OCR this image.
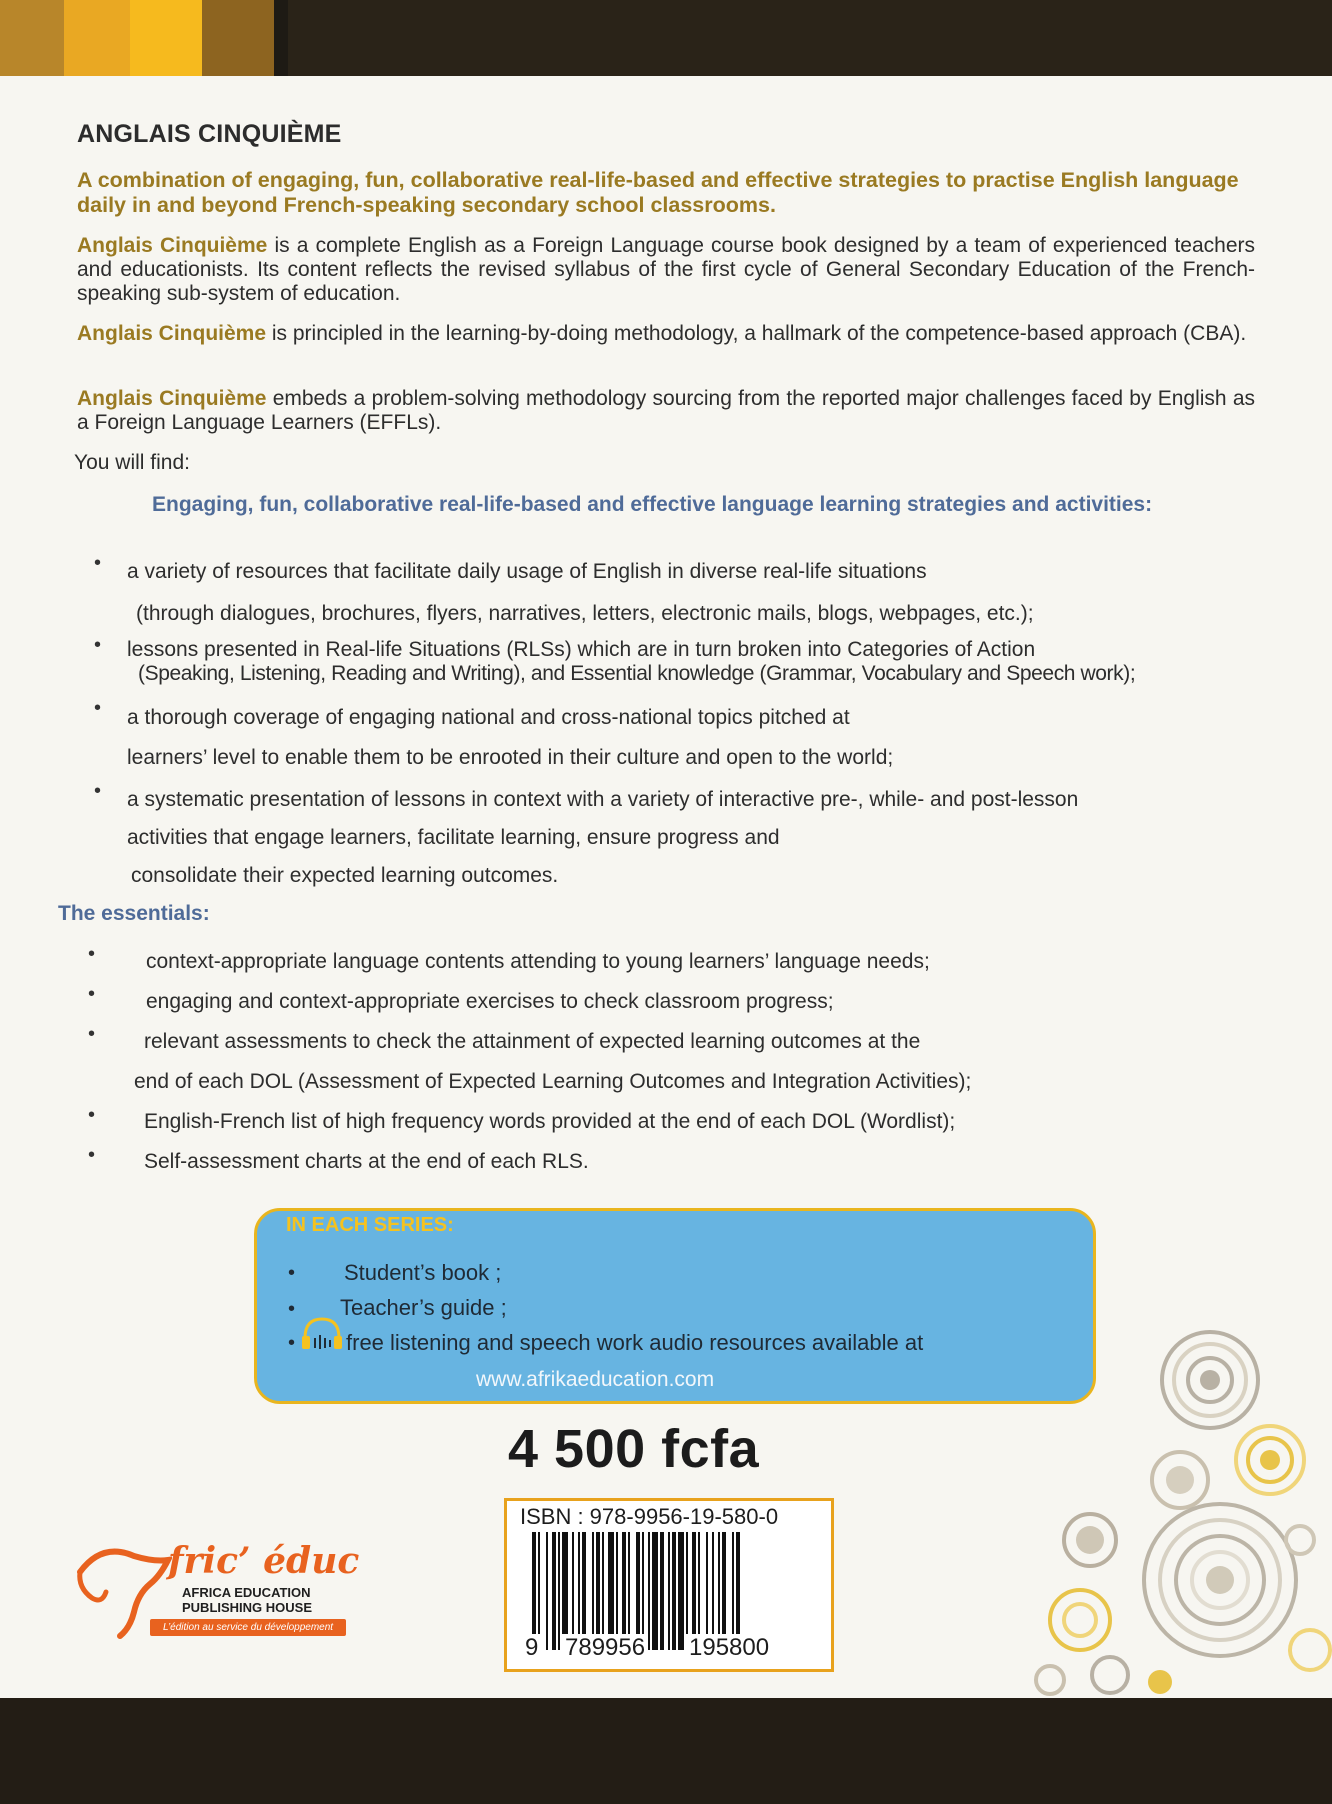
ANGLAIS CINQUIÈME

A combination of engaging, fun, collaborative real-life-based and effective strategies to practise English language daily in and beyond French-speaking secondary school classrooms.

Anglais Cinquième is a complete English as a Foreign Language course book designed by a team of experienced teachers and educationists. Its content reflects the revised syllabus of the first cycle of General Secondary Education of the French-speaking sub-system of education.

Anglais Cinquième is principled in the learning-by-doing methodology, a hallmark of the competence-based approach (CBA).

Anglais Cinquième embeds a problem-solving methodology sourcing from the reported major challenges faced by English as a Foreign Language Learners (EFFLs).

You will find:

Engaging, fun, collaborative real-life-based and effective language learning strategies and activities:

• a variety of resources that facilitate daily usage of English in diverse real-life situations

(through dialogues, brochures, flyers, narratives, letters, electronic mails, blogs, webpages, etc.);

• lessons presented in Real-life Situations (RLSs) which are in turn broken into Categories of Action

(Speaking, Listening, Reading and Writing), and Essential knowledge (Grammar, Vocabulary and Speech work);

• a thorough coverage of engaging national and cross-national topics pitched at

learners’ level to enable them to be enrooted in their culture and open to the world;

• a systematic presentation of lessons in context with a variety of interactive pre-, while- and post-lesson

activities that engage learners, facilitate learning, ensure progress and

consolidate their expected learning outcomes.

The essentials:

• context-appropriate language contents attending to young learners’ language needs;

• engaging and context-appropriate exercises to check classroom progress;

• relevant assessments to check the attainment of expected learning outcomes at the

end of each DOL (Assessment of Expected Learning Outcomes and Integration Activities);

• English-French list of high frequency words provided at the end of each DOL (Wordlist);

• Self-assessment charts at the end of each RLS.

IN EACH SERIES:

• Student’s book ;

• Teacher’s guide ;

• free listening and speech work audio resources available at

www.afrikaeducation.com

4 500 fcfa

ISBN : 978-9956-19-580-0

9 789956 195800

fric’ éduc

AFRICA EDUCATION
PUBLISHING HOUSE

L’édition au service du développement
